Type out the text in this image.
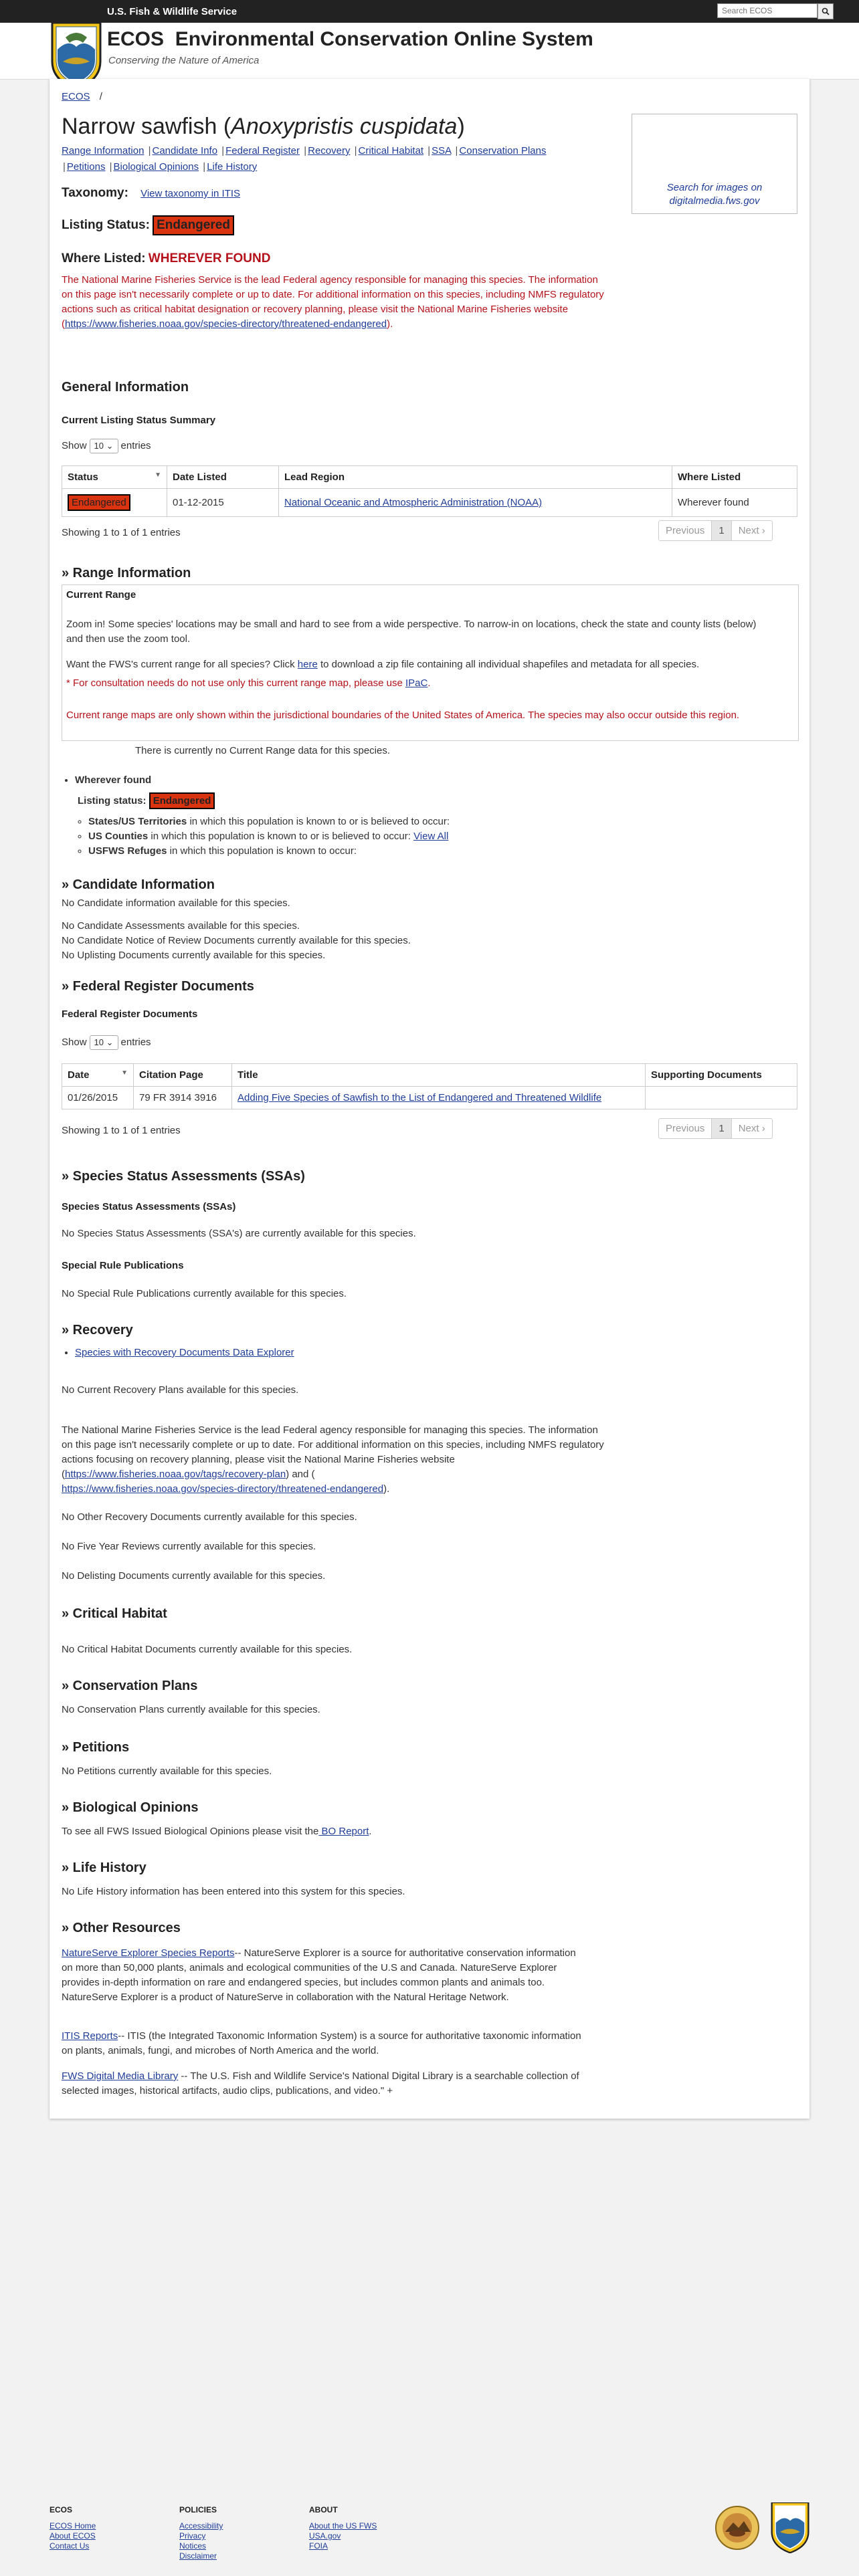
U.S. Fish & Wildlife Service
Search ECOS
ECOS Environmental Conservation Online System
Conserving the Nature of America
ECOS /
Narrow sawfish (Anoxypristis cuspidata)
Range Information | Candidate Info | Federal Register | Recovery | Critical Habitat | SSA | Conservation Plans
| Petitions | Biological Opinions | Life History
Search for images on
digitalmedia.fws.gov
Taxonomy: View taxonomy in ITIS
Listing Status: Endangered
Where Listed: WHEREVER FOUND

The National Marine Fisheries Service is the lead Federal agency responsible for managing this species. The information on this page isn't necessarily complete or up to date. For additional information on this species, including NMFS regulatory actions such as critical habitat designation or recovery planning, please visit the National Marine Fisheries website (https://www.fisheries.noaa.gov/species-directory/threatened-endangered).

General Information
Current Listing Status Summary
Show 10 ⌄ entries
Status ▼	Date Listed	Lead Region	Where Listed
Endangered	01-12-2015	National Oceanic and Atmospheric Administration (NOAA)	Wherever found
Showing 1 to 1 of 1 entries	Previous	1	Next ›
» Range Information
Current Range

Zoom in! Some species' locations may be small and hard to see from a wide perspective. To narrow-in on locations, check the state and county lists (below) and then use the zoom tool.

Want the FWS's current range for all species? Click here to download a zip file containing all individual shapefiles and metadata for all species.

* For consultation needs do not use only this current range map, please use IPaC.

Current range maps are only shown within the jurisdictional boundaries of the United States of America. The species may also occur outside this region.

There is currently no Current Range data for this species.

• Wherever found
Listing status: Endangered
◦ States/US Territories in which this population is known to or is believed to occur:
◦ US Counties in which this population is known to or is believed to occur: View All
◦ USFWS Refuges in which this population is known to occur:
» Candidate Information

No Candidate information available for this species.

No Candidate Assessments available for this species.

No Candidate Notice of Review Documents currently available for this species.

No Uplisting Documents currently available for this species.

» Federal Register Documents
Federal Register Documents
Show 10 ⌄ entries
Date ▼	Citation Page	Title	Supporting Documents
01/26/2015	79 FR 3914 3916	Adding Five Species of Sawfish to the List of Endangered and Threatened Wildlife	
Showing 1 to 1 of 1 entries	Previous	1	Next ›
» Species Status Assessments (SSAs)
Species Status Assessments (SSAs)

No Species Status Assessments (SSA's) are currently available for this species.

Special Rule Publications

No Special Rule Publications currently available for this species.

» Recovery
• Species with Recovery Documents Data Explorer

No Current Recovery Plans available for this species.

The National Marine Fisheries Service is the lead Federal agency responsible for managing this species. The information on this page isn't necessarily complete or up to date. For additional information on this species, including NMFS regulatory actions focusing on recovery planning, please visit the National Marine Fisheries website (https://www.fisheries.noaa.gov/tags/recovery-plan) and (
https://www.fisheries.noaa.gov/species-directory/threatened-endangered).

No Other Recovery Documents currently available for this species.

No Five Year Reviews currently available for this species.

No Delisting Documents currently available for this species.

» Critical Habitat

No Critical Habitat Documents currently available for this species.

» Conservation Plans

No Conservation Plans currently available for this species.

» Petitions

No Petitions currently available for this species.

» Biological Opinions

To see all FWS Issued Biological Opinions please visit the BO Report.

» Life History

No Life History information has been entered into this system for this species.

» Other Resources

NatureServe Explorer Species Reports-- NatureServe Explorer is a source for authoritative conservation information on more than 50,000 plants, animals and ecological communities of the U.S and Canada. NatureServe Explorer provides in-depth information on rare and endangered species, but includes common plants and animals too. NatureServe Explorer is a product of NatureServe in collaboration with the Natural Heritage Network.

ITIS Reports-- ITIS (the Integrated Taxonomic Information System) is a source for authoritative taxonomic information on plants, animals, fungi, and microbes of North America and the world.

FWS Digital Media Library -- The U.S. Fish and Wildlife Service's National Digital Library is a searchable collection of selected images, historical artifacts, audio clips, publications, and video." +

ECOS
ECOS Home
About ECOS
Contact Us
POLICIES
Accessibility
Privacy
Notices
Disclaimer
ABOUT
About the US FWS
USA.gov
FOIA
